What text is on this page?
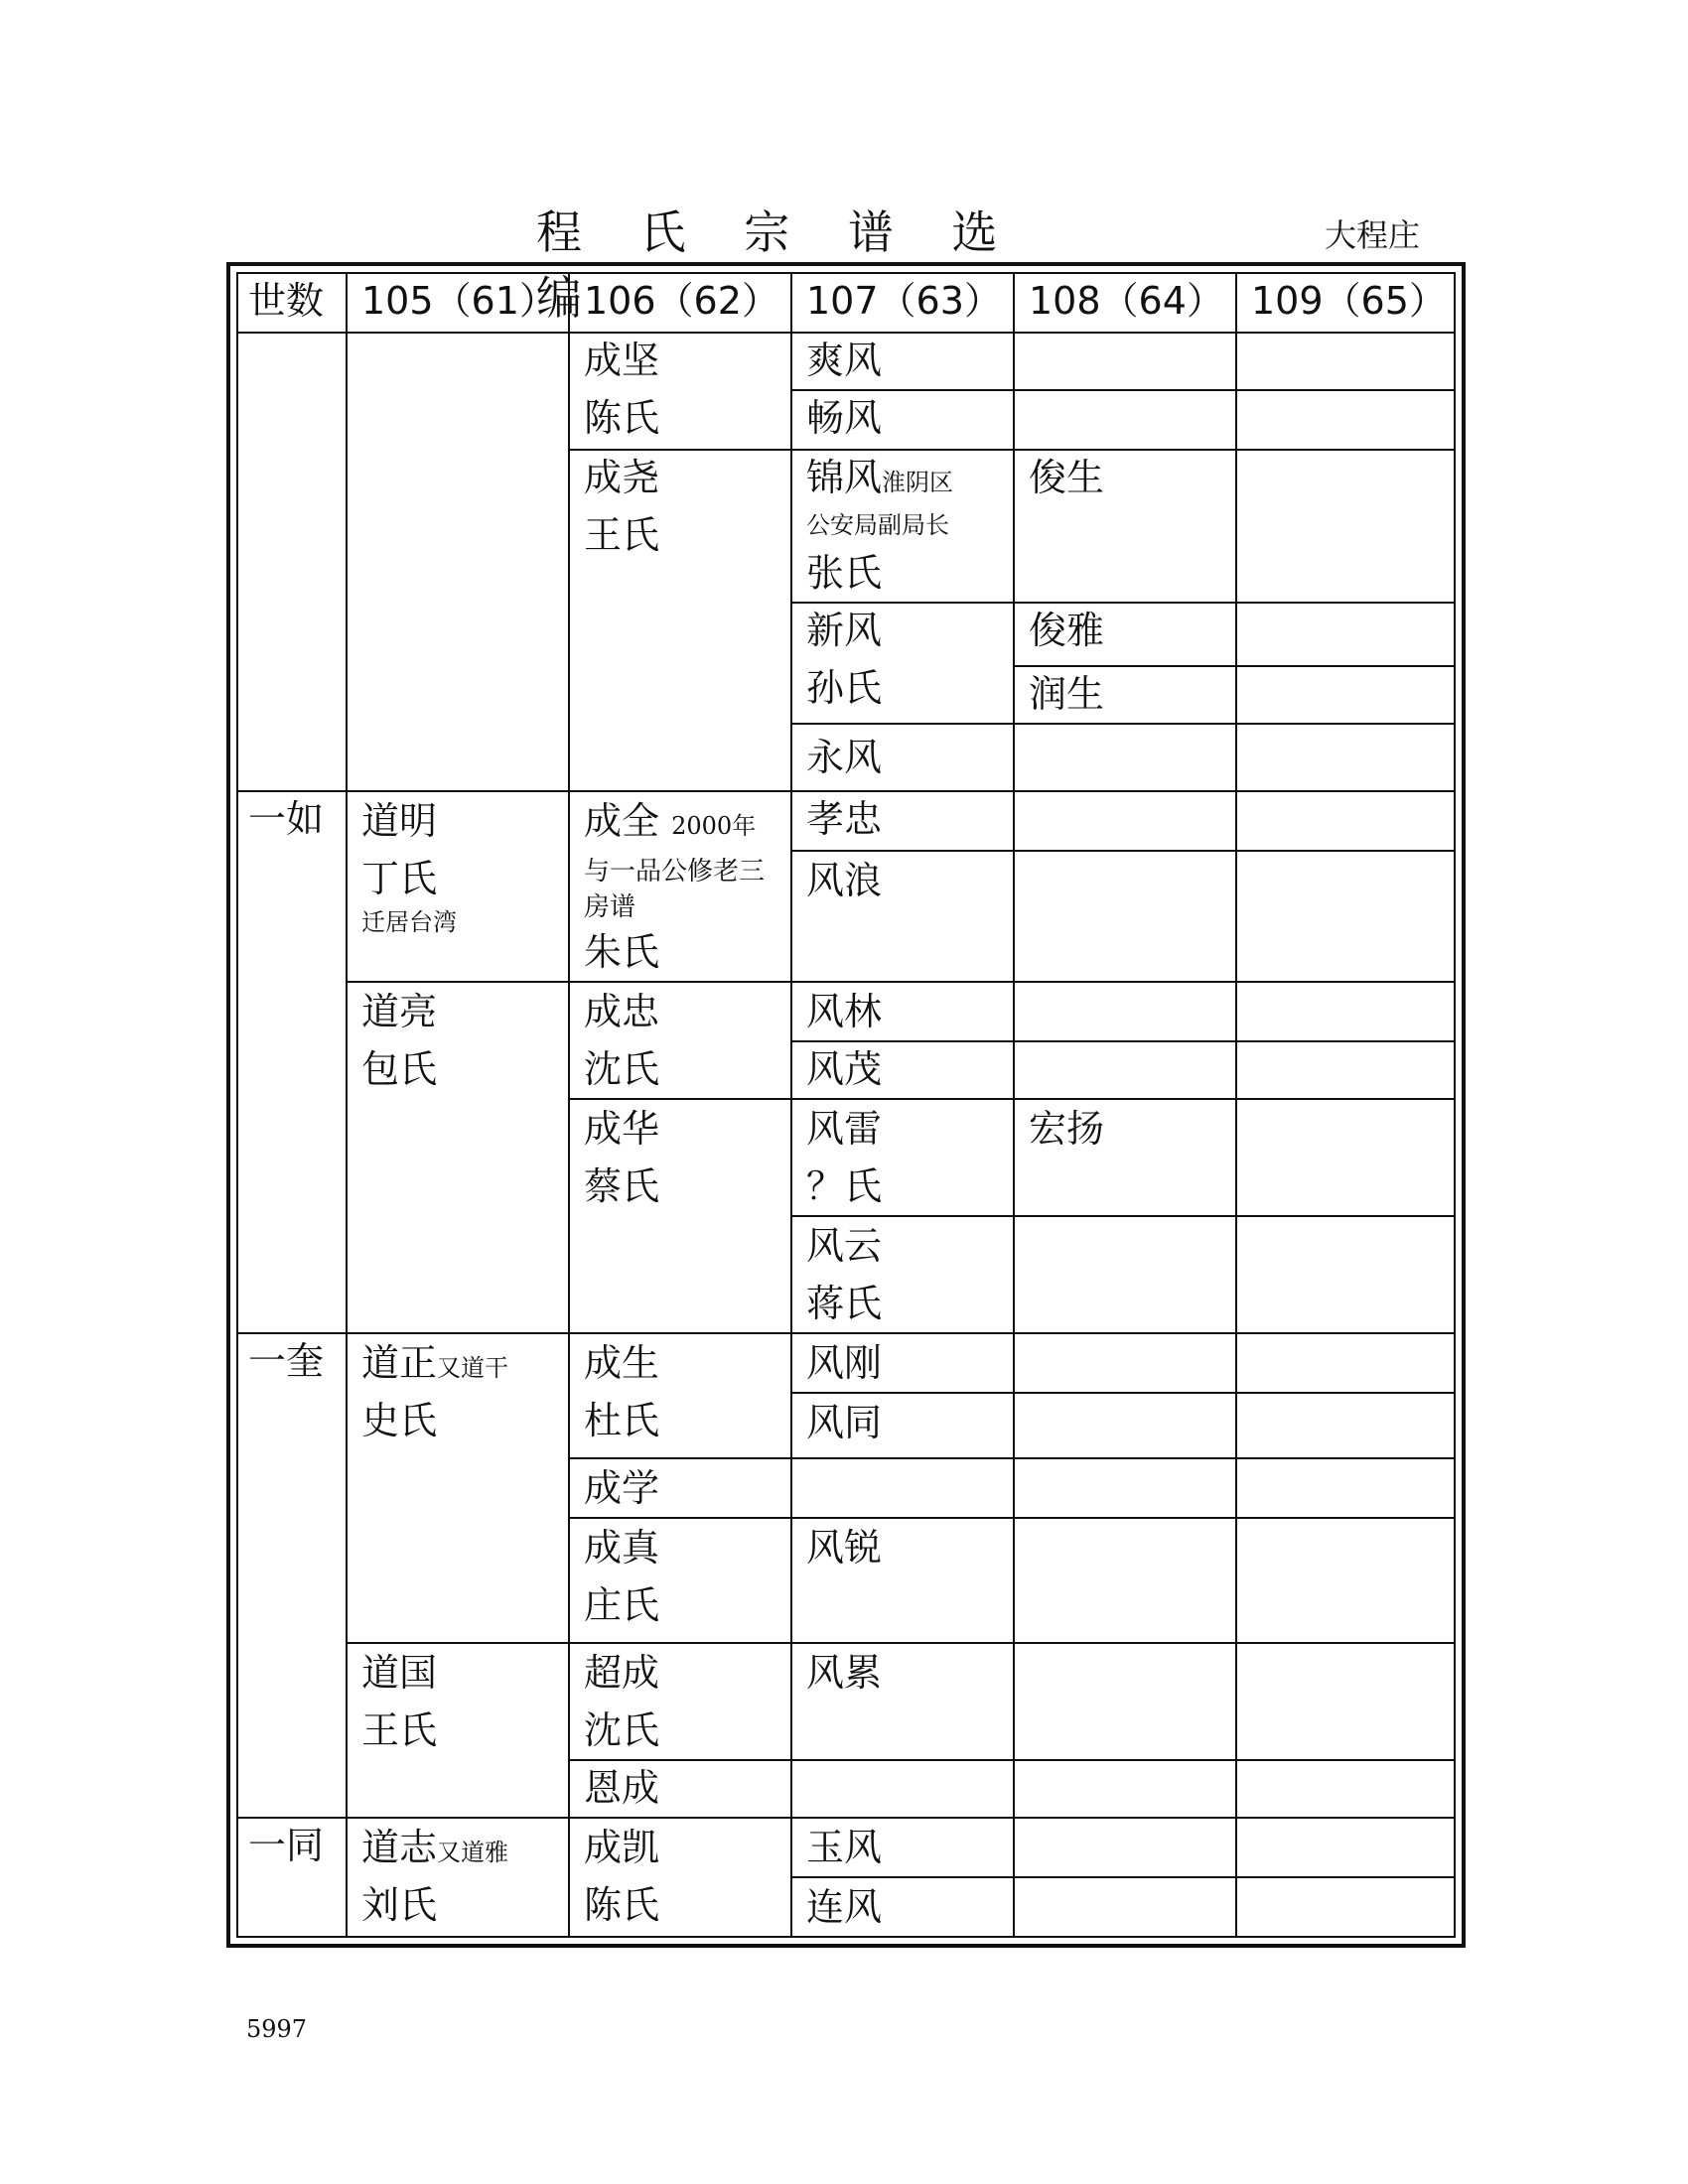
程 氏 宗 谱 选 编
大程庄
世数 105（61） 106（62） 107（63） 108（64） 109（65）
成坚
陈氏
爽风
畅风
成尧
王氏
锦风淮阴区
公安局副局长
张氏
俊生
新风
孙氏
俊雅
润生
永风
一如 道明
丁氏
迁居台湾
成全 2000年
与一品公修老三房谱
朱氏
孝忠
风浪
道亮
包氏
成忠
沈氏
风林
风茂
成华
蔡氏
风雷
？氏
宏扬
风云
蒋氏
一奎 道正又道干
史氏
成生
杜氏
风刚
风同
成学
成真
庄氏
风锐
道国
王氏
超成
沈氏
风累
恩成
一同 道志又道雅
刘氏
成凯
陈氏
玉风
连风
5997
